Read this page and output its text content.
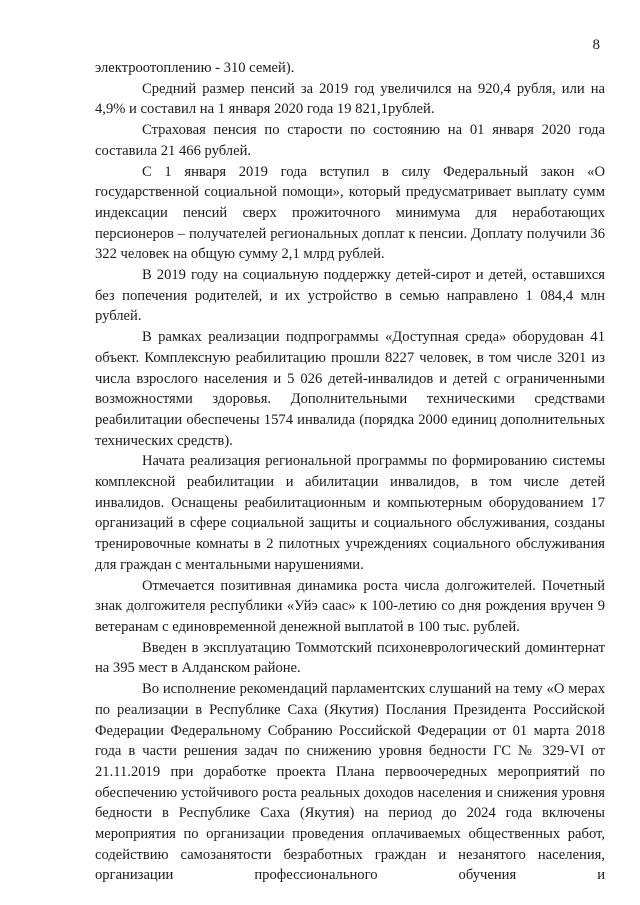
8

электроотоплению - 310 семей).

Средний размер пенсий за 2019 год увеличился на 920,4 рубля, или на 4,9% и составил на 1 января 2020 года 19 821,1рублей.

Страховая пенсия по старости по состоянию на 01 января 2020 года составила 21 466 рублей.

С 1 января 2019 года вступил в силу Федеральный закон «О государственной социальной помощи», который предусматривает выплату сумм индексации пенсий сверх прожиточного минимума для неработающих персионеров – получателей региональных доплат к пенсии. Доплату получили 36 322 человек на общую сумму 2,1 млрд рублей.

В 2019 году на социальную поддержку детей-сирот и детей, оставшихся без попечения родителей, и их устройство в семью направлено 1 084,4 млн рублей.

В рамках реализации подпрограммы «Доступная среда» оборудован 41 объект. Комплексную реабилитацию прошли 8227 человек, в том числе 3201 из числа взрослого населения и 5 026 детей-инвалидов и детей с ограниченными возможностями здоровья. Дополнительными техническими средствами реабилитации обеспечены 1574 инвалида (порядка 2000 единиц дополнительных технических средств).

Начата реализация региональной программы по формированию системы комплексной реабилитации и абилитации инвалидов, в том числе детей инвалидов. Оснащены реабилитационным и компьютерным оборудованием 17 организаций в сфере социальной защиты и социального обслуживания, созданы тренировочные комнаты в 2 пилотных учреждениях социального обслуживания для граждан с ментальными нарушениями.

Отмечается позитивная динамика роста числа долгожителей. Почетный знак долгожителя республики «Уйэ саас» к 100-летию со дня рождения вручен 9 ветеранам с единовременной денежной выплатой в 100 тыс. рублей.

Введен в эксплуатацию Томмотский психоневрологический доминтернат на 395 мест в Алданском районе.

Во исполнение рекомендаций парламентских слушаний на тему «О мерах по реализации в Республике Саха (Якутия) Послания Президента Российской Федерации Федеральному Собранию Российской Федерации от 01 марта 2018 года в части решения задач по снижению уровня бедности ГС № 329-VI от 21.11.2019 при доработке проекта Плана первоочередных мероприятий по обеспечению устойчивого роста реальных доходов населения и снижения уровня бедности в Республике Саха (Якутия) на период до 2024 года включены мероприятия по организации проведения оплачиваемых общественных работ, содействию самозанятости безработных граждан и незанятого населения, организации профессионального обучения и
